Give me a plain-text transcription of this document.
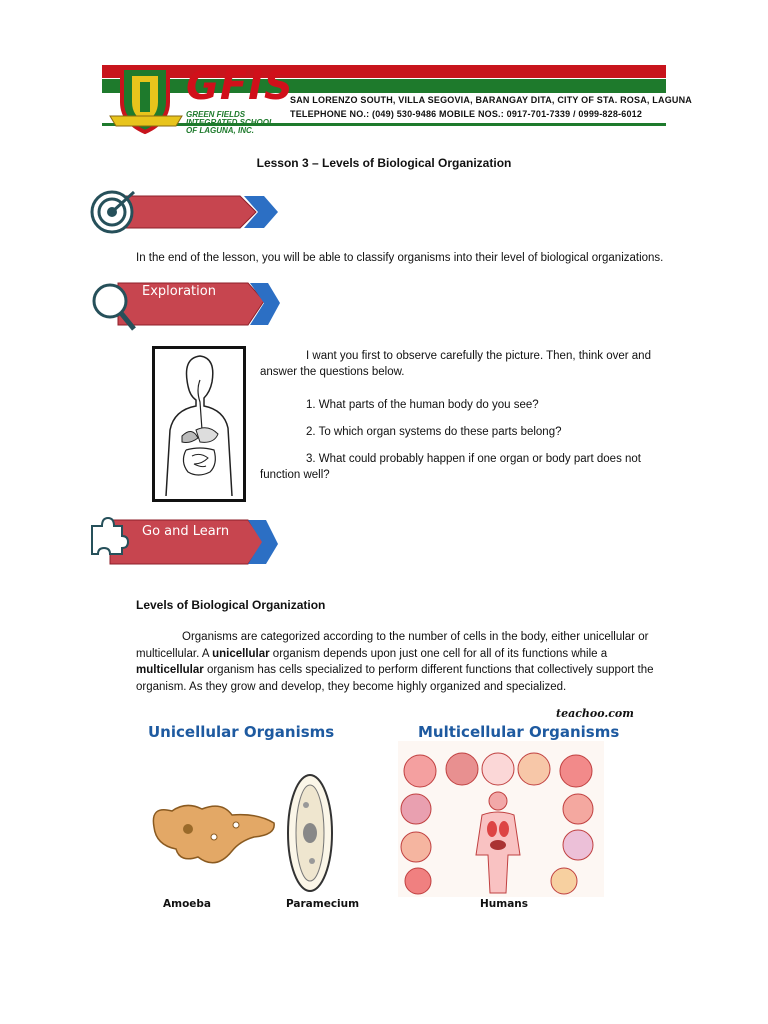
GFIS
GREEN FIELDS INTEGRATED SCHOOL OF LAGUNA, INC.
SAN LORENZO SOUTH, VILLA SEGOVIA, BARANGAY DITA, CITY OF STA. ROSA, LAGUNA
TELEPHONE NO.: (049) 530-9486 MOBILE NOS.: 0917-701-7339 / 0999-828-6012
Lesson 3 – Levels of Biological Organization
In the end of the lesson, you will be able to classify organisms into their level of biological organizations.
Exploration
I want you first to observe carefully the picture. Then, think over and answer the questions below.
1. What parts of the human body do you see?
2. To which organ systems do these parts belong?
3. What could probably happen if one organ or body part does not function well?
Go and Learn
Levels of Biological Organization
Organisms are categorized according to the number of cells in the body, either unicellular or multicellular. A unicellular organism depends upon just one cell for all of its functions while a multicellular organism has cells specialized to perform different functions that collectively support the organism. As they grow and develop, they become highly organized and specialized.
teachoo.com
Unicellular Organisms	Multicellular Organisms
Amoeba	Paramecium	Humans
